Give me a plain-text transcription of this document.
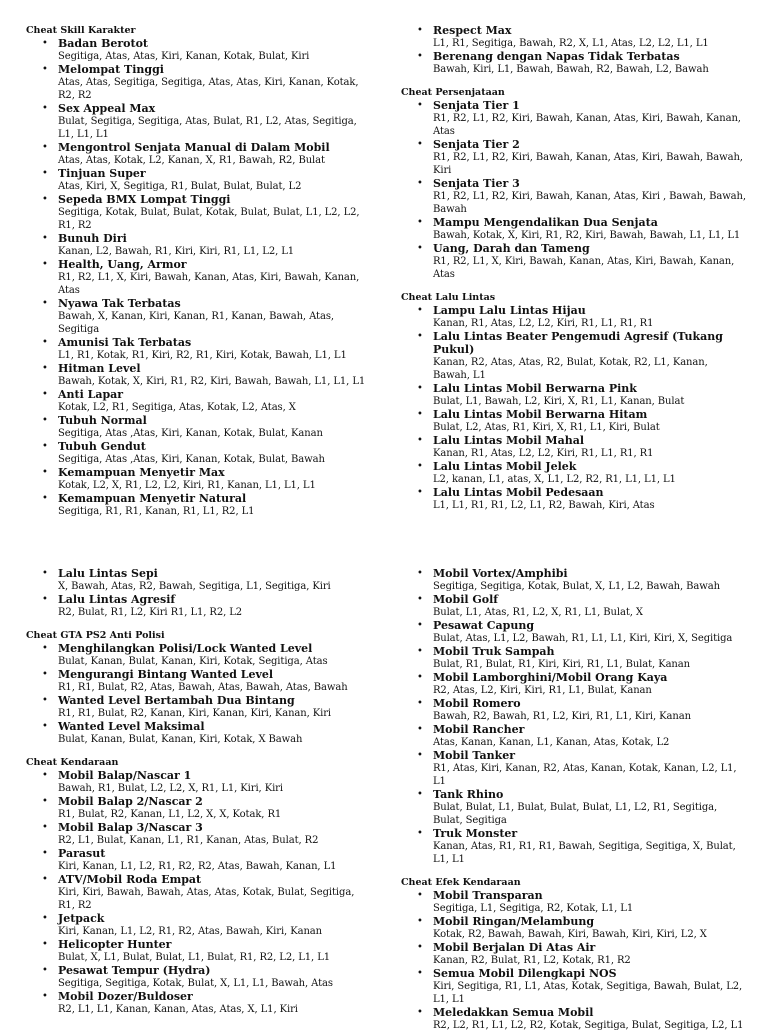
Cheat Skill Karakter
• Badan Berotot
Segitiga, Atas, Atas, Kiri, Kanan, Kotak, Bulat, Kiri
• Melompat Tinggi
Atas, Atas, Segitiga, Segitiga, Atas, Atas, Kiri, Kanan, Kotak, R2, R2
• Sex Appeal Max
Bulat, Segitiga, Segitiga, Atas, Bulat, R1, L2, Atas, Segitiga, L1, L1, L1
• Mengontrol Senjata Manual di Dalam Mobil
Atas, Atas, Kotak, L2, Kanan, X, R1, Bawah, R2, Bulat
• Tinjuan Super
Atas, Kiri, X, Segitiga, R1, Bulat, Bulat, Bulat, L2
• Sepeda BMX Lompat Tinggi
Segitiga, Kotak, Bulat, Bulat, Kotak, Bulat, Bulat, L1, L2, L2, R1, R2
• Bunuh Diri
Kanan, L2, Bawah, R1, Kiri, Kiri, R1, L1, L2, L1
• Health, Uang, Armor
R1, R2, L1, X, Kiri, Bawah, Kanan, Atas, Kiri, Bawah, Kanan, Atas
• Nyawa Tak Terbatas
Bawah, X, Kanan, Kiri, Kanan, R1, Kanan, Bawah, Atas, Segitiga
• Amunisi Tak Terbatas
L1, R1, Kotak, R1, Kiri, R2, R1, Kiri, Kotak, Bawah, L1, L1
• Hitman Level
Bawah, Kotak, X, Kiri, R1, R2, Kiri, Bawah, Bawah, L1, L1, L1
• Anti Lapar
Kotak, L2, R1, Segitiga, Atas, Kotak, L2, Atas, X
• Tubuh Normal
Segitiga, Atas ,Atas, Kiri, Kanan, Kotak, Bulat, Kanan
• Tubuh Gendut
Segitiga, Atas ,Atas, Kiri, Kanan, Kotak, Bulat, Bawah
• Kemampuan Menyetir Max
Kotak, L2, X, R1, L2, L2, Kiri, R1, Kanan, L1, L1, L1
• Kemampuan Menyetir Natural
Segitiga, R1, R1, Kanan, R1, L1, R2, L1
• Respect Max
L1, R1, Segitiga, Bawah, R2, X, L1, Atas, L2, L2, L1, L1
• Berenang dengan Napas Tidak Terbatas
Bawah, Kiri, L1, Bawah, Bawah, R2, Bawah, L2, Bawah
Cheat Persenjataan
• Senjata Tier 1
R1, R2, L1, R2, Kiri, Bawah, Kanan, Atas, Kiri, Bawah, Kanan, Atas
• Senjata Tier 2
R1, R2, L1, R2, Kiri, Bawah, Kanan, Atas, Kiri, Bawah, Bawah, Kiri
• Senjata Tier 3
R1, R2, L1, R2, Kiri, Bawah, Kanan, Atas, Kiri , Bawah, Bawah, Bawah
• Mampu Mengendalikan Dua Senjata
Bawah, Kotak, X, Kiri, R1, R2, Kiri, Bawah, Bawah, L1, L1, L1
• Uang, Darah dan Tameng
R1, R2, L1, X, Kiri, Bawah, Kanan, Atas, Kiri, Bawah, Kanan, Atas
Cheat Lalu Lintas
• Lampu Lalu Lintas Hijau
Kanan, R1, Atas, L2, L2, Kiri, R1, L1, R1, R1
• Lalu Lintas Beater Pengemudi Agresif (Tukang Pukul)
Kanan, R2, Atas, Atas, R2, Bulat, Kotak, R2, L1, Kanan, Bawah, L1
• Lalu Lintas Mobil Berwarna Pink
Bulat, L1, Bawah, L2, Kiri, X, R1, L1, Kanan, Bulat
• Lalu Lintas Mobil Berwarna Hitam
Bulat, L2, Atas, R1, Kiri, X, R1, L1, Kiri, Bulat
• Lalu Lintas Mobil Mahal
Kanan, R1, Atas, L2, L2, Kiri, R1, L1, R1, R1
• Lalu Lintas Mobil Jelek
L2, kanan, L1, atas, X, L1, L2, R2, R1, L1, L1, L1
• Lalu Lintas Mobil Pedesaan
L1, L1, R1, R1, L2, L1, R2, Bawah, Kiri, Atas
• Lalu Lintas Sepi
X, Bawah, Atas, R2, Bawah, Segitiga, L1, Segitiga, Kiri
• Lalu Lintas Agresif
R2, Bulat, R1, L2, Kiri R1, L1, R2, L2
Cheat GTA PS2 Anti Polisi
• Menghilangkan Polisi/Lock Wanted Level
Bulat, Kanan, Bulat, Kanan, Kiri, Kotak, Segitiga, Atas
• Mengurangi Bintang Wanted Level
R1, R1, Bulat, R2, Atas, Bawah, Atas, Bawah, Atas, Bawah
• Wanted Level Bertambah Dua Bintang
R1, R1, Bulat, R2, Kanan, Kiri, Kanan, Kiri, Kanan, Kiri
• Wanted Level Maksimal
Bulat, Kanan, Bulat, Kanan, Kiri, Kotak, X Bawah
Cheat Kendaraan
• Mobil Balap/Nascar 1
Bawah, R1, Bulat, L2, L2, X, R1, L1, Kiri, Kiri
• Mobil Balap 2/Nascar 2
R1, Bulat, R2, Kanan, L1, L2, X, X, Kotak, R1
• Mobil Balap 3/Nascar 3
R2, L1, Bulat, Kanan, L1, R1, Kanan, Atas, Bulat, R2
• Parasut
Kiri, Kanan, L1, L2, R1, R2, R2, Atas, Bawah, Kanan, L1
• ATV/Mobil Roda Empat
Kiri, Kiri, Bawah, Bawah, Atas, Atas, Kotak, Bulat, Segitiga, R1, R2
• Jetpack
Kiri, Kanan, L1, L2, R1, R2, Atas, Bawah, Kiri, Kanan
• Helicopter Hunter
Bulat, X, L1, Bulat, Bulat, L1, Bulat, R1, R2, L2, L1, L1
• Pesawat Tempur (Hydra)
Segitiga, Segitiga, Kotak, Bulat, X, L1, L1, Bawah, Atas
• Mobil Dozer/Buldoser
R2, L1, L1, Kanan, Kanan, Atas, Atas, X, L1, Kiri
• Mobil Vortex/Amphibi
Segitiga, Segitiga, Kotak, Bulat, X, L1, L2, Bawah, Bawah
• Mobil Golf
Bulat, L1, Atas, R1, L2, X, R1, L1, Bulat, X
• Pesawat Capung
Bulat, Atas, L1, L2, Bawah, R1, L1, L1, Kiri, Kiri, X, Segitiga
• Mobil Truk Sampah
Bulat, R1, Bulat, R1, Kiri, Kiri, R1, L1, Bulat, Kanan
• Mobil Lamborghini/Mobil Orang Kaya
R2, Atas, L2, Kiri, Kiri, R1, L1, Bulat, Kanan
• Mobil Romero
Bawah, R2, Bawah, R1, L2, Kiri, R1, L1, Kiri, Kanan
• Mobil Rancher
Atas, Kanan, Kanan, L1, Kanan, Atas, Kotak, L2
• Mobil Tanker
R1, Atas, Kiri, Kanan, R2, Atas, Kanan, Kotak, Kanan, L2, L1, L1
• Tank Rhino
Bulat, Bulat, L1, Bulat, Bulat, Bulat, L1, L2, R1, Segitiga, Bulat, Segitiga
• Truk Monster
Kanan, Atas, R1, R1, R1, Bawah, Segitiga, Segitiga, X, Bulat, L1, L1
Cheat Efek Kendaraan
• Mobil Transparan
Segitiga, L1, Segitiga, R2, Kotak, L1, L1
• Mobil Ringan/Melambung
Kotak, R2, Bawah, Bawah, Kiri, Bawah, Kiri, Kiri, L2, X
• Mobil Berjalan Di Atas Air
Kanan, R2, Bulat, R1, L2, Kotak, R1, R2
• Semua Mobil Dilengkapi NOS
Kiri, Segitiga, R1, L1, Atas, Kotak, Segitiga, Bawah, Bulat, L2, L1, L1
• Meledakkan Semua Mobil
R2, L2, R1, L1, L2, R2, Kotak, Segitiga, Bulat, Segitiga, L2, L1
